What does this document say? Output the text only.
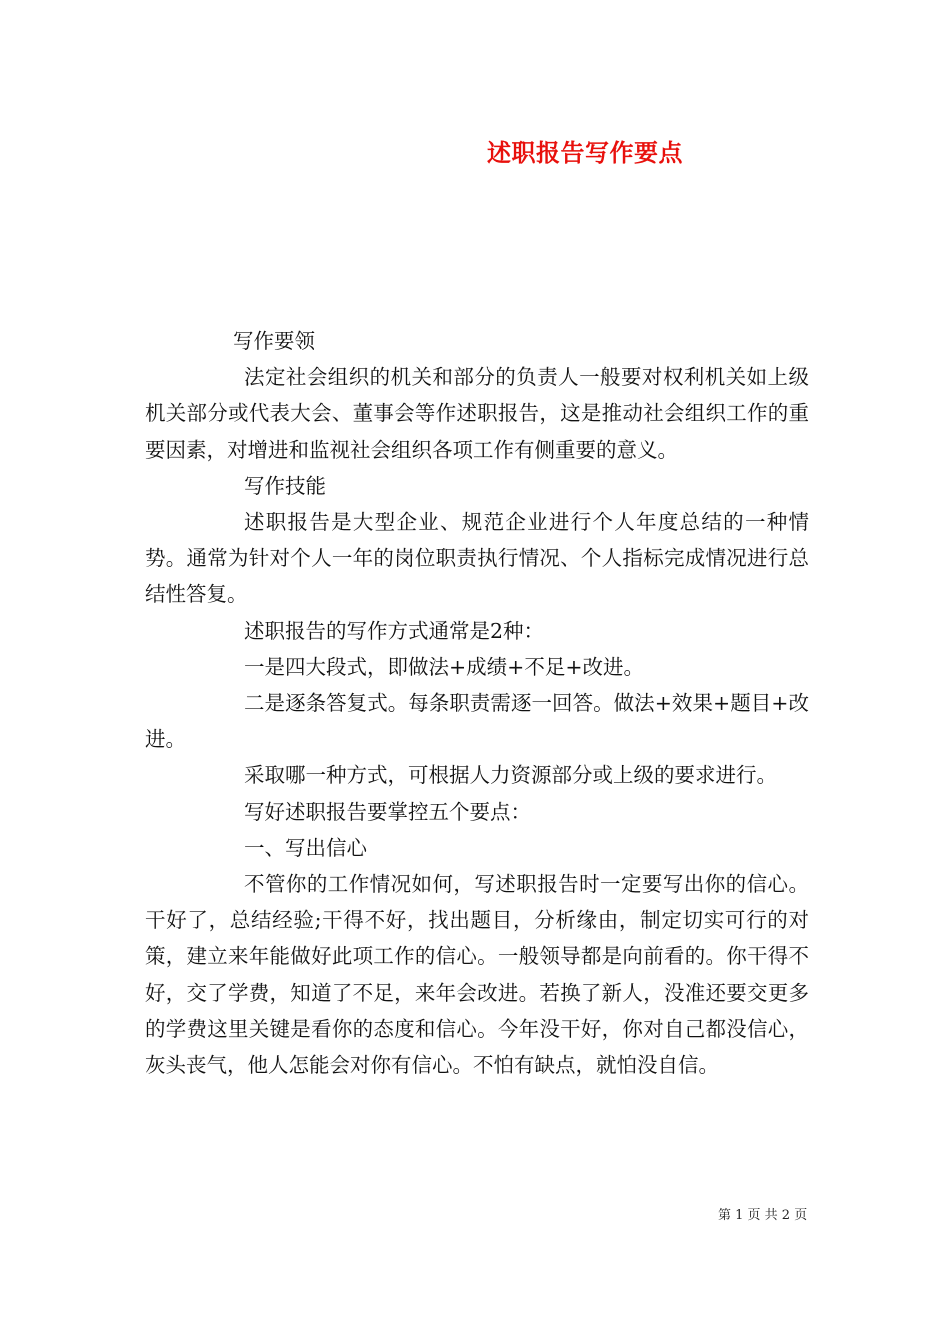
述职报告写作要点

写作要领

法定社会组织的机关和部分的负责人一般要对权利机关如上级机关部分或代表大会、董事会等作述职报告，这是推动社会组织工作的重要因素，对增进和监视社会组织各项工作有侧重要的意义。

写作技能

述职报告是大型企业、规范企业进行个人年度总结的一种情势。通常为针对个人一年的岗位职责执行情况、个人指标完成情况进行总结性答复。

述职报告的写作方式通常是2种：

一是四大段式，即做法+成绩+不足+改进。

二是逐条答复式。每条职责需逐一回答。做法+效果+题目+改进。

采取哪一种方式，可根据人力资源部分或上级的要求进行。

写好述职报告要掌控五个要点：

一、写出信心

不管你的工作情况如何，写述职报告时一定要写出你的信心。干好了，总结经验;干得不好，找出题目，分析缘由，制定切实可行的对策，建立来年能做好此项工作的信心。一般领导都是向前看的。你干得不好，交了学费，知道了不足，来年会改进。若换了新人，没准还要交更多的学费这里关键是看你的态度和信心。今年没干好，你对自己都没信心，灰头丧气，他人怎能会对你有信心。不怕有缺点，就怕没自信。

第 1 页 共 2 页
